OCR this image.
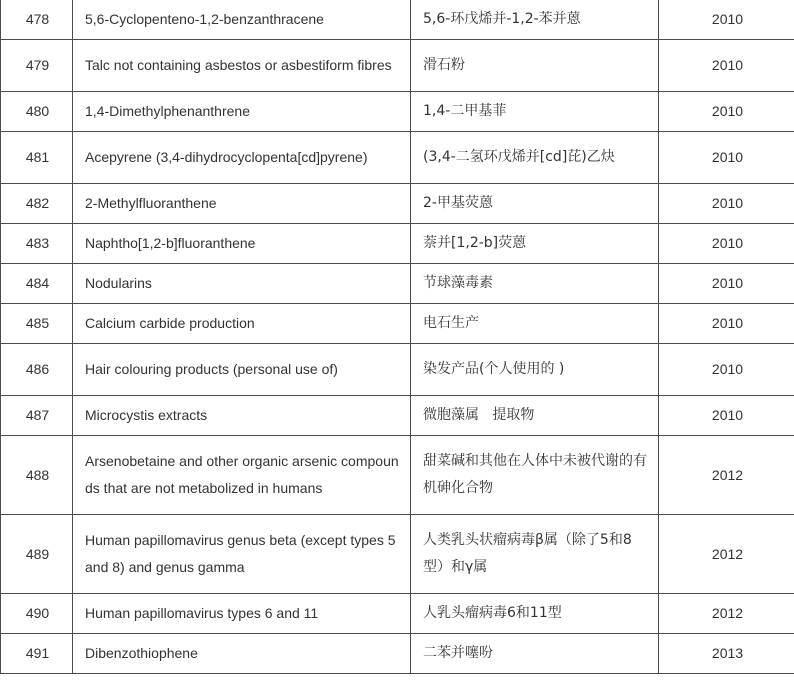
478	5,6-Cyclopenteno-1,2-benzanthracene	5,6-环戊烯并-1,2-苯并蒽	2010
479	Talc not containing asbestos or asbestiform fibres	滑石粉	2010
480	1,4-Dimethylphenanthrene	1,4-二甲基菲	2010
481	Acepyrene (3,4-dihydrocyclopenta[cd]pyrene)	(3,4-二氢环戊烯并[cd]芘)乙炔	2010
482	2-Methylfluoranthene	2-甲基荧蒽	2010
483	Naphtho[1,2-b]fluoranthene	萘并[1,2-b]荧蒽	2010
484	Nodularins	节球藻毒素	2010
485	Calcium carbide production	电石生产	2010
486	Hair colouring products (personal use of)	染发产品(个人使用的 )	2010
487	Microcystis extracts	微胞藻属   提取物	2010
488	Arsenobetaine and other organic arsenic compounds that are not metabolized in humans	甜菜碱和其他在人体中未被代谢的有机砷化合物	2012
489	Human papillomavirus genus beta (except types 5 and 8) and genus gamma	人类乳头状瘤病毒β属（除了5和8型）和γ属	2012
490	Human papillomavirus types 6 and 11	人乳头瘤病毒6和11型	2012
491	Dibenzothiophene	二苯并噻吩	2013
